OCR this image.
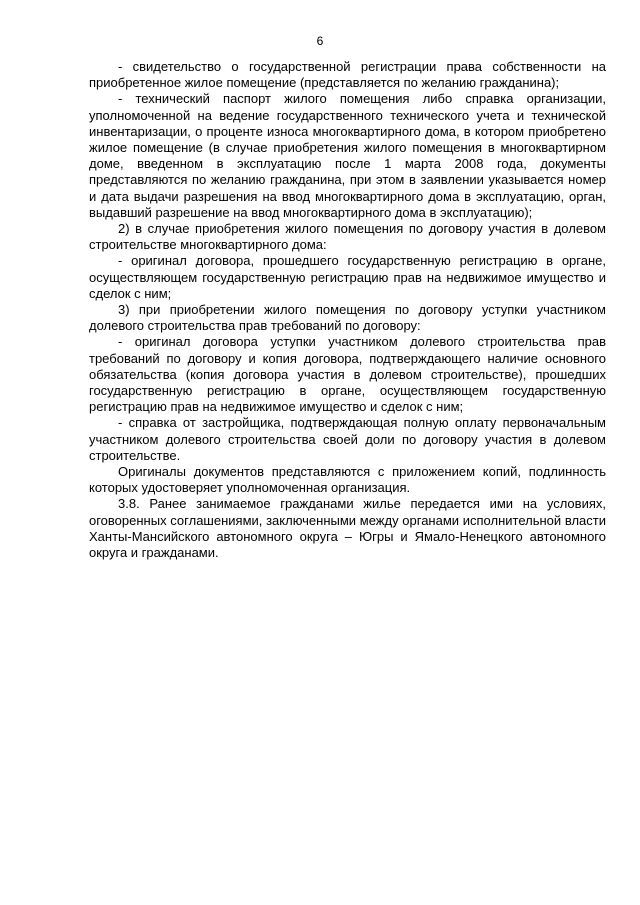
6

- свидетельство о государственной регистрации права собственности на приобретенное жилое помещение (представляется по желанию гражданина);

- технический паспорт жилого помещения либо справка организации, уполномоченной на ведение государственного технического учета и технической инвентаризации, о проценте износа многоквартирного дома, в котором приобретено жилое помещение (в случае приобретения жилого помещения в многоквартирном доме, введенном в эксплуатацию после 1 марта 2008 года, документы представляются по желанию гражданина, при этом в заявлении указывается номер и дата выдачи разрешения на ввод многоквартирного дома в эксплуатацию, орган, выдавший разрешение на ввод многоквартирного дома в эксплуатацию);

2) в случае приобретения жилого помещения по договору участия в долевом строительстве многоквартирного дома:

- оригинал договора, прошедшего государственную регистрацию в органе, осуществляющем государственную регистрацию прав на недвижимое имущество и сделок с ним;

3) при приобретении жилого помещения по договору уступки участником долевого строительства прав требований по договору:

- оригинал договора уступки участником долевого строительства прав требований по договору и копия договора, подтверждающего наличие основного обязательства (копия договора участия в долевом строительстве), прошедших государственную регистрацию в органе, осуществляющем государственную регистрацию прав на недвижимое имущество и сделок с ним;

- справка от застройщика, подтверждающая полную оплату первоначальным участником долевого строительства своей доли по договору участия в долевом строительстве.

Оригиналы документов представляются с приложением копий, подлинность которых удостоверяет уполномоченная организация.

3.8. Ранее занимаемое гражданами жилье передается ими на условиях, оговоренных соглашениями, заключенными между органами исполнительной власти Ханты-Мансийского автономного округа – Югры и Ямало-Ненецкого автономного округа и гражданами.
